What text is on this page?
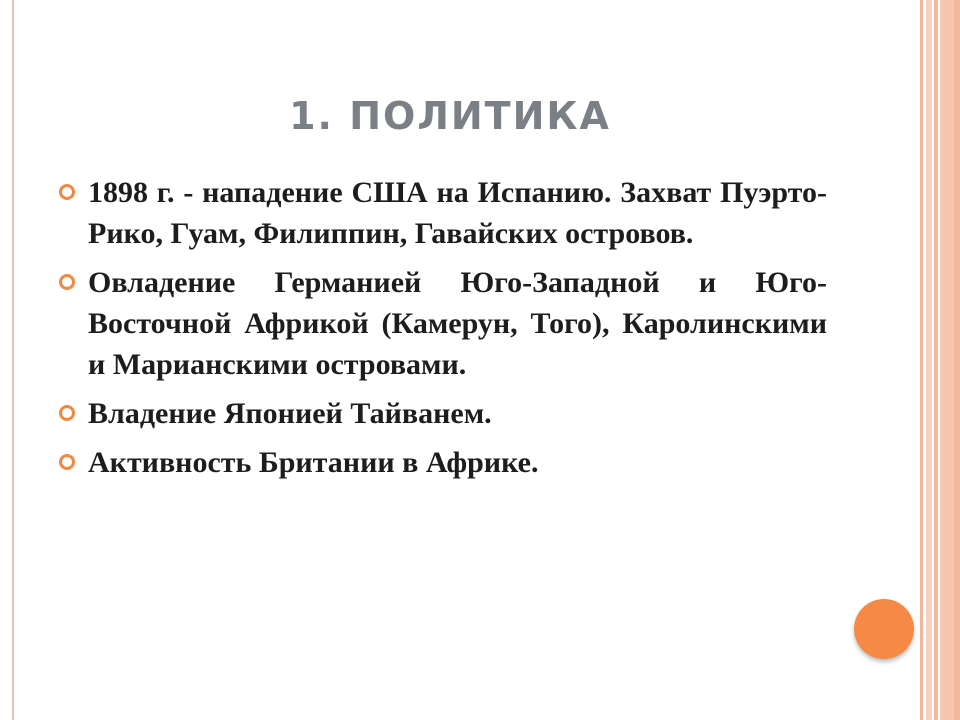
1. ПОЛИТИКА
1898 г. - нападение США на Испанию. Захват Пуэрто-Рико, Гуам, Филиппин, Гавайских островов.
Овладение Германией Юго-Западной и Юго-Восточной Африкой (Камерун, Того), Каролинскими и Марианскими островами.
Владение Японией Тайванем.
Активность Британии в Африке.
